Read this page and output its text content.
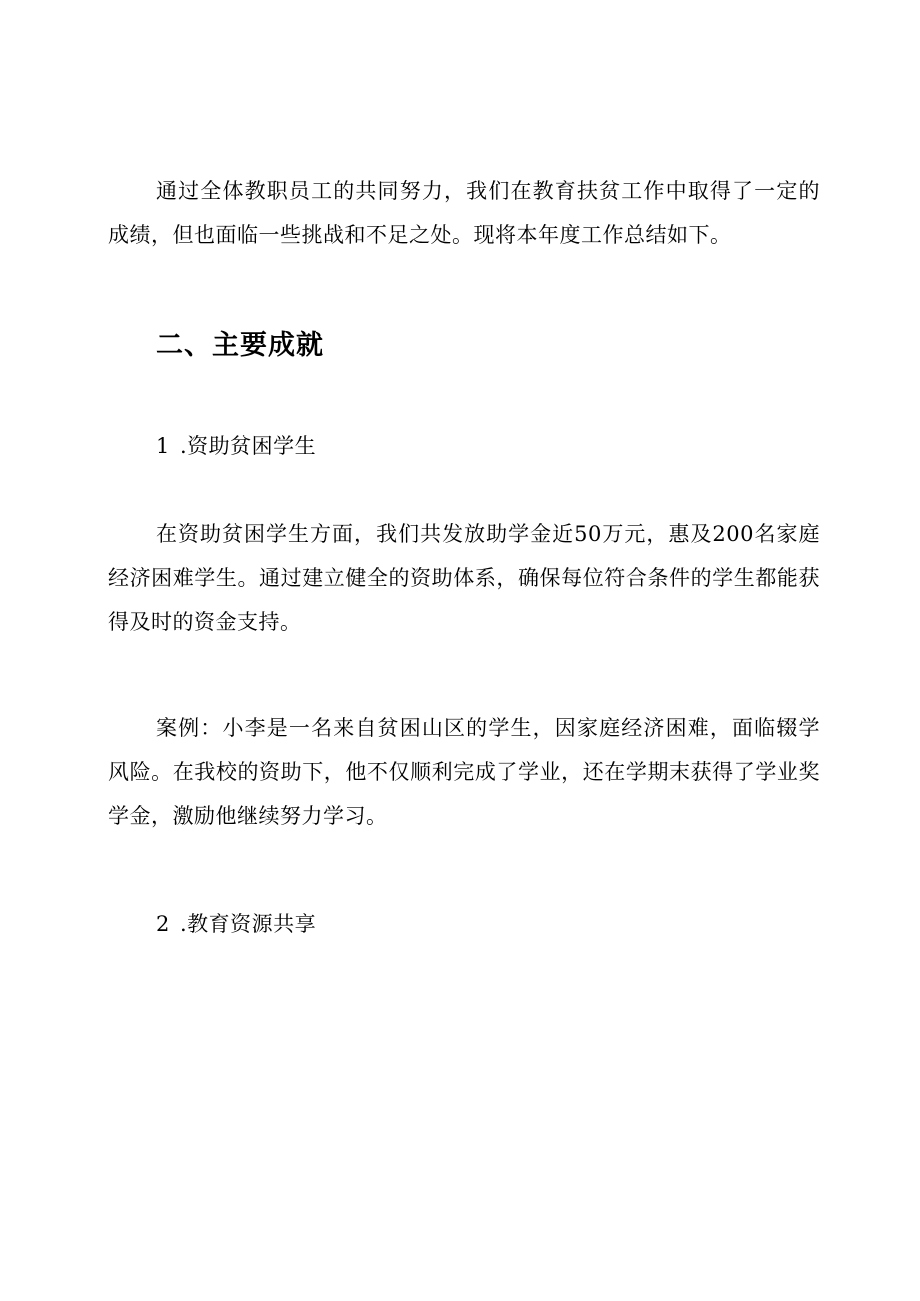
通过全体教职员工的共同努力，我们在教育扶贫工作中取得了一定的成绩，但也面临一些挑战和不足之处。现将本年度工作总结如下。

二、主要成就
1 .资助贫困学生

在资助贫困学生方面，我们共发放助学金近50万元，惠及200名家庭经济困难学生。通过建立健全的资助体系，确保每位符合条件的学生都能获得及时的资金支持。

案例：小李是一名来自贫困山区的学生，因家庭经济困难，面临辍学风险。在我校的资助下，他不仅顺利完成了学业，还在学期末获得了学业奖学金，激励他继续努力学习。

2 .教育资源共享
